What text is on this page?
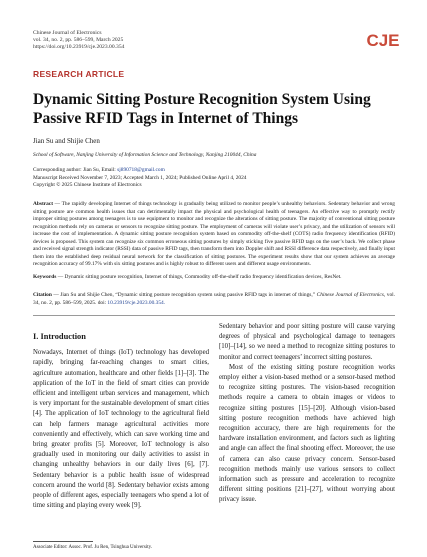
Chinese Journal of Electronics
vol. 34, no. 2, pp. 586–599, March 2025
https://doi.org/10.23919/cje.2023.00.354	CJE
RESEARCH ARTICLE
Dynamic Sitting Posture Recognition System Using Passive RFID Tags in Internet of Things
Jian Su and Shijie Chen
School of Software, Nanjing University of Information Science and Technology, Nanjing 210044, China
Corresponding author: Jian Su, Email: sj890718@gmail.com
Manuscript Received November 7, 2023; Accepted March 1, 2024; Published Online April 4, 2024
Copyright © 2025 Chinese Institute of Electronics
Abstract — The rapidly developing Internet of things technology is gradually being utilized to monitor people’s unhealthy behaviors. Sedentary behavior and wrong sitting posture are common health issues that can detrimentally impact the physical and psychological health of teenagers. An effective way to promptly rectify improper sitting postures among teenagers is to use equipment to monitor and recognize the alterations of sitting posture. The majority of conventional sitting posture recognition methods rely on cameras or sensors to recognize sitting posture. The employment of cameras will violate user’s privacy, and the utilization of sensors will increase the cost of implementation. A dynamic sitting posture recognition system based on commodity off-the-shelf (COTS) radio frequency identification (RFID) devices is proposed. This system can recognize six common erroneous sitting postures by simply sticking five passive RFID tags on the user’s back. We collect phase and received signal strength indicator (RSSI) data of passive RFID tags, then transform them into Doppler shift and RSSI difference data respectively, and finally input them into the established deep residual neural network for the classification of sitting postures. The experiment results show that our system achieves an average recognition accuracy of 99.17% with six sitting postures and is highly robust to different users and different usage environments.
Keywords — Dynamic sitting posture recognition, Internet of things, Commodity off-the-shelf radio frequency identification devices, ResNet.
Citation — Jian Su and Shijie Chen, “Dynamic sitting posture recognition system using passive RFID tags in internet of things,” Chinese Journal of Electronics, vol. 34, no. 2, pp. 586–599, 2025. doi: 10.23919/cje.2023.00.354.
I. Introduction
Nowadays, Internet of things (IoT) technology has developed rapidly, bringing far-reaching changes to smart cities, agriculture automation, healthcare and other fields [1]–[3]. The application of the IoT in the field of smart cities can provide efficient and intelligent urban services and management, which is very important for the sustainable development of smart cities [4]. The application of IoT technology to the agricultural field can help farmers manage agricultural activities more conveniently and effectively, which can save working time and bring greater profits [5]. Moreover, IoT technology is also gradually used in monitoring our daily activities to assist in changing unhealthy behaviors in our daily lives [6], [7]. Sedentary behavior is a public health issue of widespread concern around the world [8]. Sedentary behavior exists among people of different ages, especially teenagers who spend a lot of time sitting and playing every week [9].
Sedentary behavior and poor sitting posture will cause varying degrees of physical and psychological damage to teenagers [10]–[14], so we need a method to recognize sitting postures to monitor and correct teenagers’ incorrect sitting postures.
Most of the existing sitting posture recognition works employ either a vision-based method or a sensor-based method to recognize sitting postures. The vision-based recognition methods require a camera to obtain images or videos to recognize sitting postures [15]–[20]. Although vision-based sitting posture recognition methods have achieved high recognition accuracy, there are high requirements for the hardware installation environment, and factors such as lighting and angle can affect the final shooting effect. Moreover, the use of camera can also cause privacy concern. Sensor-based recognition methods mainly use various sensors to collect information such as pressure and acceleration to recognize different sitting positions [21]–[27], without worrying about privacy issue.
Associate Editor: Assoc. Prof. Ju Ren, Tsinghua University.
